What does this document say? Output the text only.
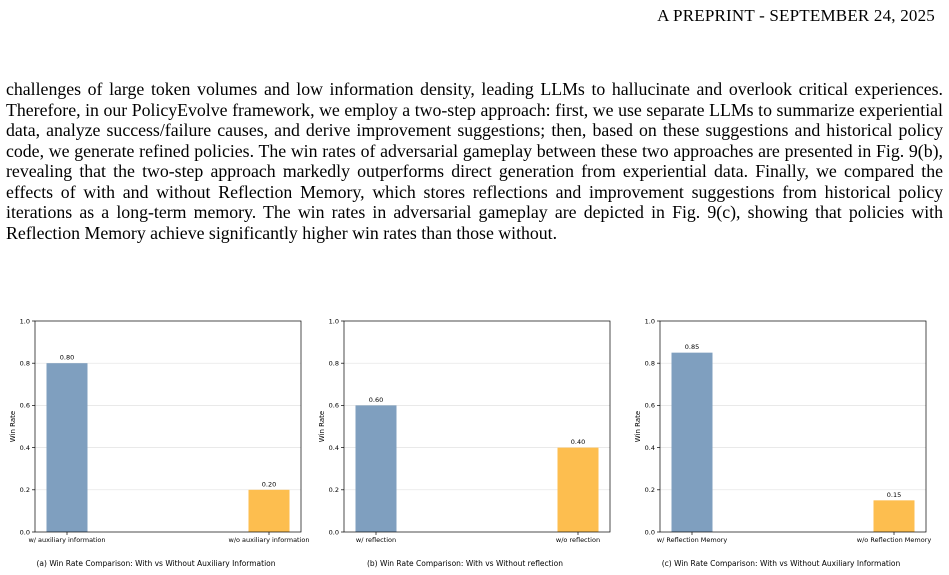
A PREPRINT - SEPTEMBER 24, 2025

challenges of large token volumes and low information density, leading LLMs to hallucinate and overlook critical experiences. Therefore, in our PolicyEvolve framework, we employ a two-step approach: first, we use separate LLMs to summarize experiential data, analyze success/failure causes, and derive improvement suggestions; then, based on these suggestions and historical policy code, we generate refined policies. The win rates of adversarial gameplay between these two approaches are presented in Fig. 9(b), revealing that the two-step approach markedly outperforms direct generation from experiential data. Finally, we compared the effects of with and without Reflection Memory, which stores reflections and improvement suggestions from historical policy iterations as a long-term memory. The win rates in adversarial gameplay are depicted in Fig. 9(c), showing that policies with Reflection Memory achieve significantly higher win rates than those without.

0.0
0.2
0.4
0.6
0.8
1.0
0.80
w/ auxiliary information
0.20
w/o auxiliary information
Win Rate
(a) Win Rate Comparison: With vs Without Auxiliary Information
0.0
0.2
0.4
0.6
0.8
1.0
0.60
w/ reflection
0.40
w/o reflection
Win Rate
(b) Win Rate Comparison: With vs Without reflection
0.0
0.2
0.4
0.6
0.8
1.0
0.85
w/ Reflection Memory
0.15
w/o Reflection Memory
Win Rate
(c) Win Rate Comparison: With vs Without Auxiliary Information
